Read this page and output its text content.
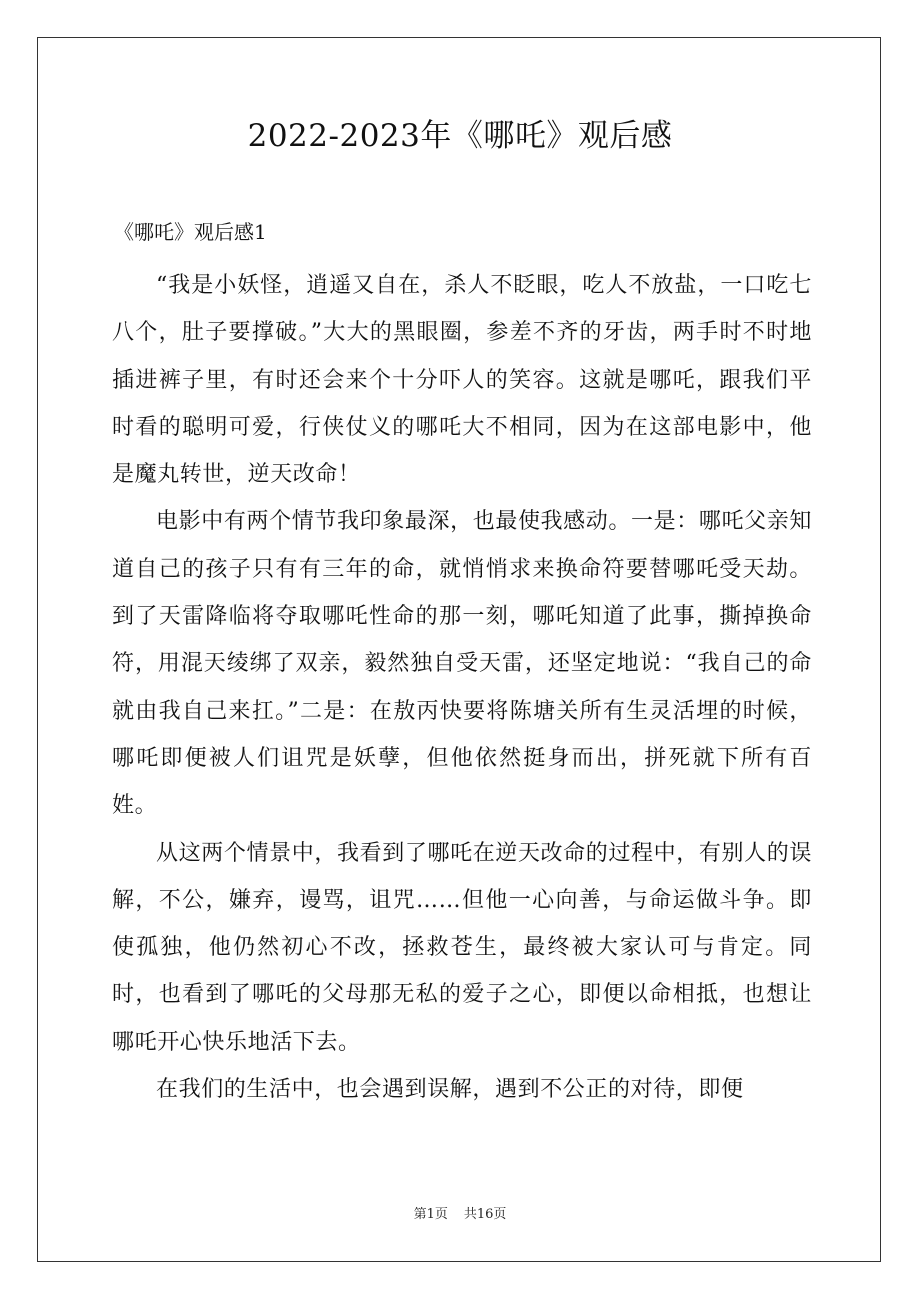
2022-2023年《哪吒》观后感
《哪吒》观后感1

“我是小妖怪，逍遥又自在，杀人不眨眼，吃人不放盐，一口吃七八个，肚子要撑破。”大大的黑眼圈，参差不齐的牙齿，两手时不时地插进裤子里，有时还会来个十分吓人的笑容。这就是哪吒，跟我们平时看的聪明可爱，行侠仗义的哪吒大不相同，因为在这部电影中，他是魔丸转世，逆天改命！

电影中有两个情节我印象最深，也最使我感动。一是：哪吒父亲知道自己的孩子只有有三年的命，就悄悄求来换命符要替哪吒受天劫。到了天雷降临将夺取哪吒性命的那一刻，哪吒知道了此事，撕掉换命符，用混天绫绑了双亲，毅然独自受天雷，还坚定地说：“我自己的命就由我自己来扛。”二是：在敖丙快要将陈塘关所有生灵活埋的时候，哪吒即便被人们诅咒是妖孽，但他依然挺身而出，拼死就下所有百姓。

从这两个情景中，我看到了哪吒在逆天改命的过程中，有别人的误解，不公，嫌弃，谩骂，诅咒……但他一心向善，与命运做斗争。即使孤独，他仍然初心不改，拯救苍生，最终被大家认可与肯定。同时，也看到了哪吒的父母那无私的爱子之心，即便以命相抵，也想让哪吒开心快乐地活下去。

在我们的生活中，也会遇到误解，遇到不公正的对待，即便

第1页 共16页
